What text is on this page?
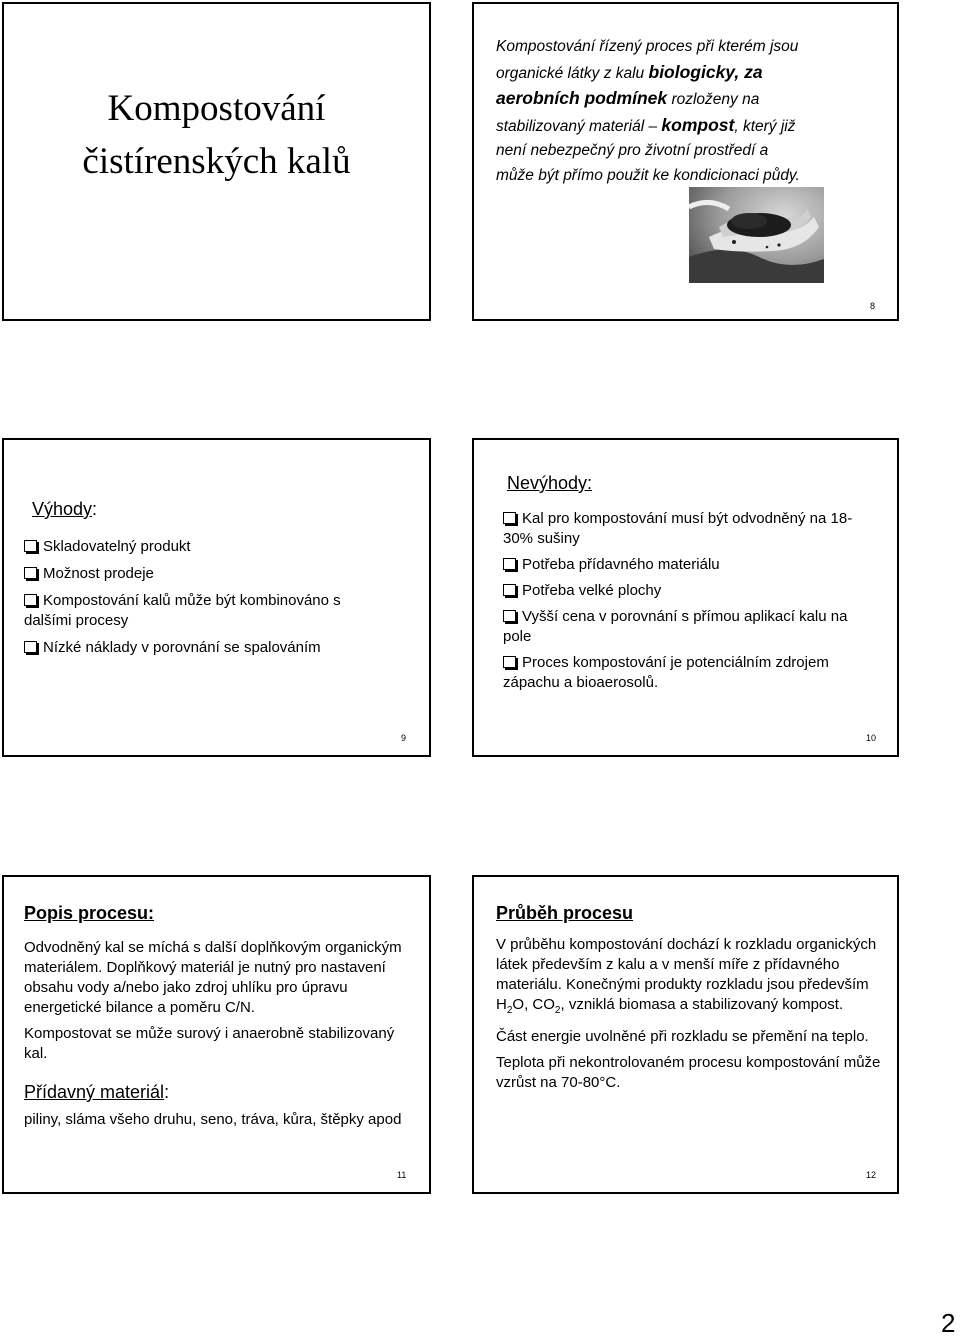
Kompostování
čistírenských kalů
Kompostování řízený proces při kterém jsou
organické látky z kalu biologicky, za
aerobních podmínek rozloženy na
stabilizovaný materiál – kompost, který již
není nebezpečný pro životní prostředí a
může být přímo použit ke kondicionaci půdy.
8
Výhody:
Skladovatelný produkt
Možnost prodeje
Kompostování kalů může být kombinováno s dalšími procesy
Nízké náklady v porovnání se spalováním
9
Nevýhody:
Kal pro kompostování musí být odvodněný na 18-30% sušiny
Potřeba přídavného materiálu
Potřeba velké plochy
Vyšší cena v porovnání s přímou aplikací kalu na pole
Proces kompostování je potenciálním zdrojem zápachu a bioaerosolů.
10
Popis procesu:

Odvodněný kal se míchá s další doplňkovým organickým materiálem. Doplňkový materiál je nutný pro nastavení obsahu vody a/nebo jako zdroj uhlíku pro úpravu energetické bilance a poměru C/N.

Kompostovat se může surový i anaerobně stabilizovaný kal.

Přídavný materiál:

piliny, sláma všeho druhu, seno, tráva, kůra, štěpky apod

11
Průběh procesu

V průběhu kompostování dochází k rozkladu organických látek především z kalu a v menší míře z přídavného materiálu. Konečnými produkty rozkladu jsou především $H_2O$, $CO_2$, vzniklá biomasa a stabilizovaný kompost.

Část energie uvolněné při rozkladu se přemění na teplo.

Teplota při nekontrolovaném procesu kompostování může vzrůst na 70-80°C.

12
2
